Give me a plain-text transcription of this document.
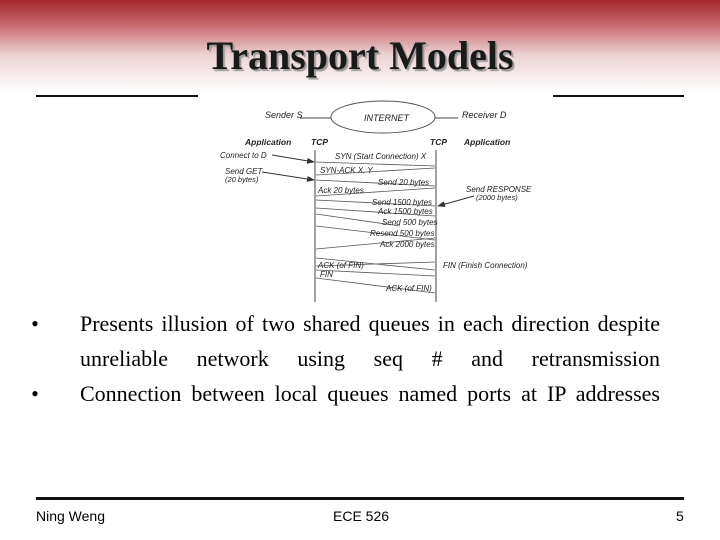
Transport Models
INTERNET
Sender S	Receiver D
Application TCP	TCP Application
Connect to D
Send GET
(20 bytes)
Send RESPONSE
(2000 bytes)
SYN (Start Connection) X
SYN-ACK X, Y
Send 20 bytes
Ack 20 bytes
Send 1500 bytes
Ack 1500 bytes
Send 500 bytes
Resend 500 bytes
Ack 2000 bytes
ACK (of FIN)
FIN
FIN (Finish Connection)
ACK (of FIN)
• Presents illusion of two shared queues in each direction despite unreliable network using seq # and retransmission
• Connection between local queues named ports at IP addresses
Ning Weng	ECE 526	5
